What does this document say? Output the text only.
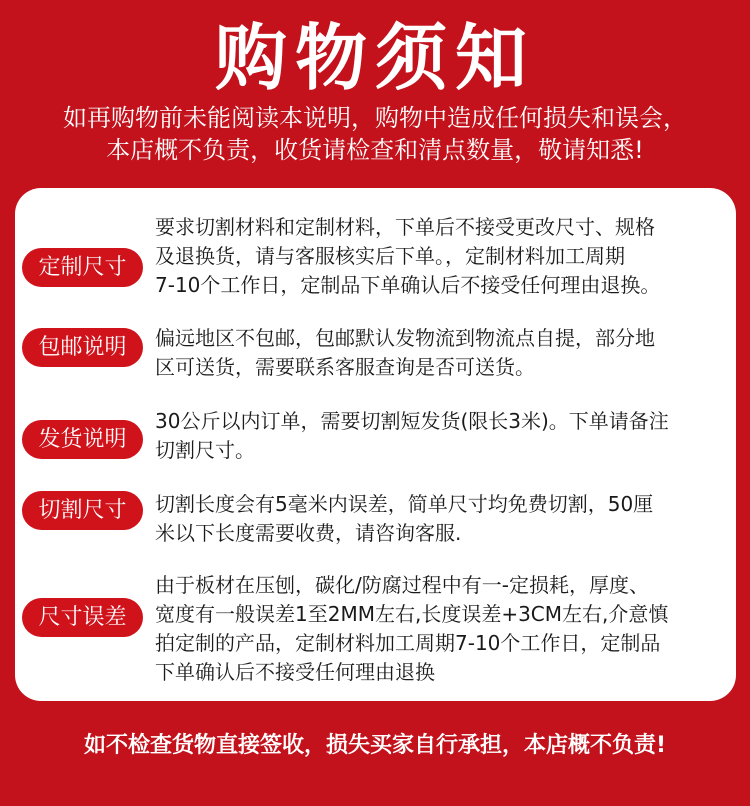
购物须知
如再购物前未能阅读本说明，购物中造成任何损失和误会，
本店概不负责，收货请检查和清点数量，敬请知悉!
定制尺寸
要求切割材料和定制材料，下单后不接受更改尺寸、规格
及退换货，请与客服核实后下单。，定制材料加工周期
7-10个工作日，定制品下单确认后不接受任何理由退换。
包邮说明	偏远地区不包邮，包邮默认发物流到物流点自提，部分地
区可送货，需要联系客服查询是否可送货。
发货说明
30公斤以内订单，需要切割短发货(限长3米)。下单请备注
切割尺寸。
切割尺寸	切割长度会有5毫米内误差，简单尺寸均免费切割，50厘
米以下长度需要收费，请咨询客服.
尺寸误差
由于板材在压刨，碳化/防腐过程中有一-定损耗，厚度、
宽度有一般误差1至2MM左右,长度误差+3CM左右,介意慎
拍定制的产品，定制材料加工周期7-10个工作日，定制品
下单确认后不接受任何理由退换
如不检查货物直接签收，损失买家自行承担，本店概不负责!
